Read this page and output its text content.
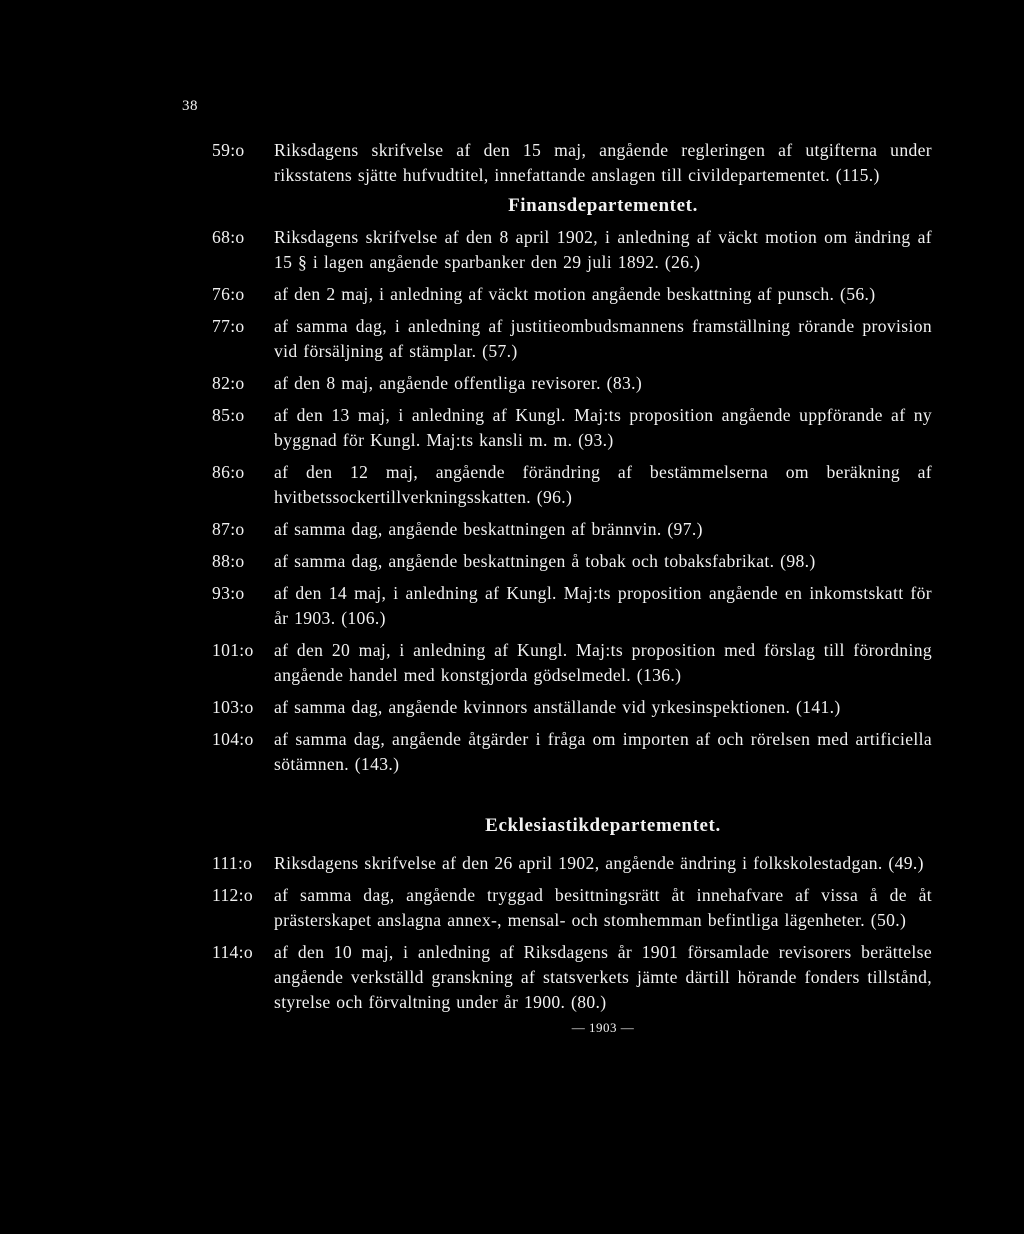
38
59:o	Riksdagens skrifvelse af den 15 maj, angående regleringen af utgifterna under riksstatens sjätte hufvudtitel, innefattande anslagen till civildepartementet. (115.)
Finansdepartementet.
68:o	Riksdagens skrifvelse af den 8 april 1902, i anledning af väckt motion om ändring af 15 § i lagen angående sparbanker den 29 juli 1892. (26.)
76:o	af den 2 maj, i anledning af väckt motion angående beskattning af punsch. (56.)
77:o	af samma dag, i anledning af justitieombudsmannens framställning rörande provision vid försäljning af stämplar. (57.)
82:o	af den 8 maj, angående offentliga revisorer. (83.)
85:o	af den 13 maj, i anledning af Kungl. Maj:ts proposition angående uppförande af ny byggnad för Kungl. Maj:ts kansli m. m. (93.)
86:o	af den 12 maj, angående förändring af bestämmelserna om beräkning af hvitbetssockertillverkningsskatten. (96.)
87:o	af samma dag, angående beskattningen af brännvin. (97.)
88:o	af samma dag, angående beskattningen å tobak och tobaksfabrikat. (98.)
93:o	af den 14 maj, i anledning af Kungl. Maj:ts proposition angående en inkomstskatt för år 1903. (106.)
101:o	af den 20 maj, i anledning af Kungl. Maj:ts proposition med förslag till förordning angående handel med konstgjorda gödselmedel. (136.)
103:o	af samma dag, angående kvinnors anställande vid yrkesinspektionen. (141.)
104:o	af samma dag, angående åtgärder i fråga om importen af och rörelsen med artificiella sötämnen. (143.)
Ecklesiastikdepartementet.
111:o	Riksdagens skrifvelse af den 26 april 1902, angående ändring i folkskolestadgan. (49.)
112:o	af samma dag, angående tryggad besittningsrätt åt innehafvare af vissa å de åt prästerskapet anslagna annex-, mensal- och stomhemman befintliga lägenheter. (50.)
114:o	af den 10 maj, i anledning af Riksdagens år 1901 församlade revisorers berättelse angående verkställd granskning af statsverkets jämte därtill hörande fonders tillstånd, styrelse och förvaltning under år 1900. (80.)
— 1903 —
